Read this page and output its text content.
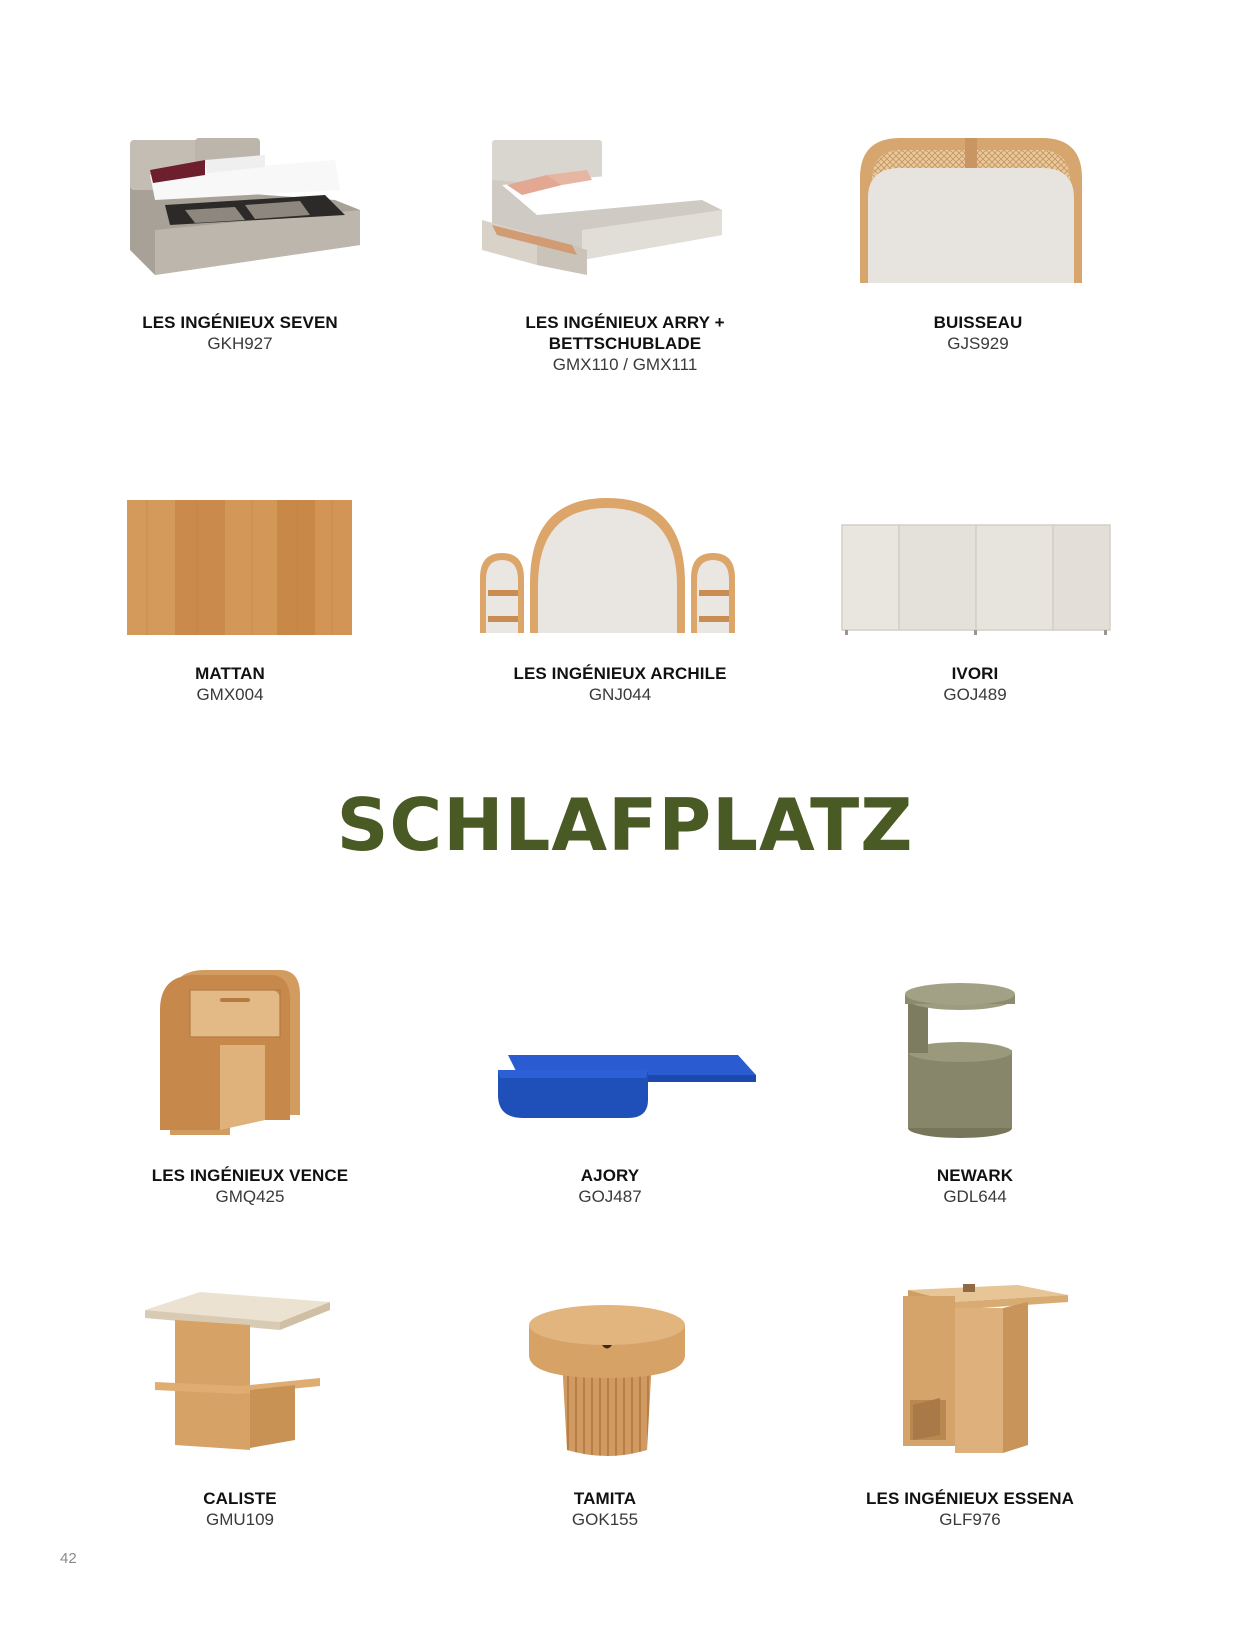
LES INGÉNIEUX SEVEN
GKH927
LES INGÉNIEUX ARRY +
BETTSCHUBLADE
GMX110 / GMX111
BUISSEAU
GJS929
MATTAN
GMX004
LES INGÉNIEUX ARCHILE
GNJ044
IVORI
GOJ489
SCHLAFPLATZ
LES INGÉNIEUX VENCE
GMQ425
AJORY
GOJ487
NEWARK
GDL644
CALISTE
GMU109
TAMITA
GOK155
LES INGÉNIEUX ESSENA
GLF976
42
